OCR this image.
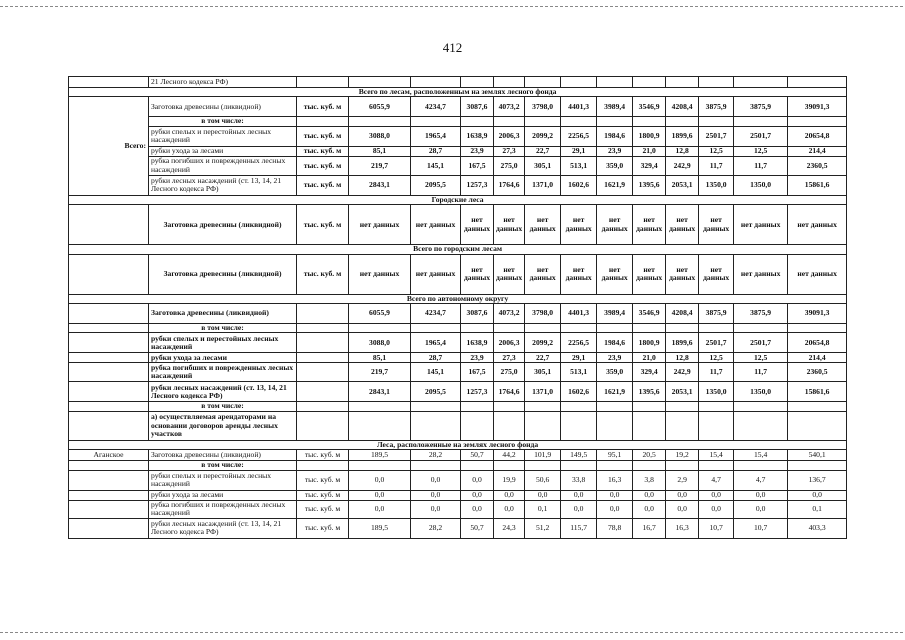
412
	21 Лесного кодекса РФ)													
Всего по лесам, расположенным на землях лесного фонда														
Всего:	Заготовка древесины (ликвидной)	тыс. куб. м	6055,9	4234,7	3087,6	4073,2	3798,0	4401,3	3989,4	3546,9	4208,4	3875,9	3875,9	39091,3
	в том числе:													
	рубки спелых и перестойных лесных насаждений	тыс. куб. м	3088,0	1965,4	1638,9	2006,3	2099,2	2256,5	1984,6	1800,9	1899,6	2501,7	2501,7	20654,8
	рубки ухода за лесами	тыс. куб. м	85,1	28,7	23,9	27,3	22,7	29,1	23,9	21,0	12,8	12,5	12,5	214,4
	рубка погибших и поврежденных лесных насаждений	тыс. куб. м	219,7	145,1	167,5	275,0	305,1	513,1	359,0	329,4	242,9	11,7	11,7	2360,5
	рубки лесных насаждений (ст. 13, 14, 21 Лесного кодекса РФ)	тыс. куб. м	2843,1	2095,5	1257,3	1764,6	1371,0	1602,6	1621,9	1395,6	2053,1	1350,0	1350,0	15861,6
Городские леса														
	Заготовка древесины (ликвидной)	тыс. куб. м	нет данных	нет данных	нет данных	нет данных	нет данных	нет данных	нет данных	нет данных	нет данных	нет данных	нет данных	нет данных
Всего по городским лесам														
	Заготовка древесины (ликвидной)	тыс. куб. м	нет данных	нет данных	нет данных	нет данных	нет данных	нет данных	нет данных	нет данных	нет данных	нет данных	нет данных	нет данных
Всего по автономному округу														
	Заготовка древесины (ликвидной)		6055,9	4234,7	3087,6	4073,2	3798,0	4401,3	3989,4	3546,9	4208,4	3875,9	3875,9	39091,3
	в том числе:													
	рубки спелых и перестойных лесных насаждений		3088,0	1965,4	1638,9	2006,3	2099,2	2256,5	1984,6	1800,9	1899,6	2501,7	2501,7	20654,8
	рубки ухода за лесами		85,1	28,7	23,9	27,3	22,7	29,1	23,9	21,0	12,8	12,5	12,5	214,4
	рубка погибших и поврежденных лесных насаждений		219,7	145,1	167,5	275,0	305,1	513,1	359,0	329,4	242,9	11,7	11,7	2360,5
	рубки лесных насаждений (ст. 13, 14, 21 Лесного кодекса РФ)		2843,1	2095,5	1257,3	1764,6	1371,0	1602,6	1621,9	1395,6	2053,1	1350,0	1350,0	15861,6
	в том числе:													
	а) осуществляемая арендаторами на основании договоров аренды лесных участков													
Леса, расположенные на землях лесного фонда														
Аганское	Заготовка древесины (ликвидной)	тыс. куб. м	189,5	28,2	50,7	44,2	101,9	149,5	95,1	20,5	19,2	15,4	15,4	540,1
	в том числе:													
	рубки спелых и перестойных лесных насаждений	тыс. куб. м	0,0	0,0	0,0	19,9	50,6	33,8	16,3	3,8	2,9	4,7	4,7	136,7
	рубки ухода за лесами	тыс. куб. м	0,0	0,0	0,0	0,0	0,0	0,0	0,0	0,0	0,0	0,0	0,0	0,0
	рубка погибших и поврежденных лесных насаждений	тыс. куб. м	0,0	0,0	0,0	0,0	0,1	0,0	0,0	0,0	0,0	0,0	0,0	0,1
	рубки лесных насаждений (ст. 13, 14, 21 Лесного кодекса РФ)	тыс. куб. м	189,5	28,2	50,7	24,3	51,2	115,7	78,8	16,7	16,3	10,7	10,7	403,3
